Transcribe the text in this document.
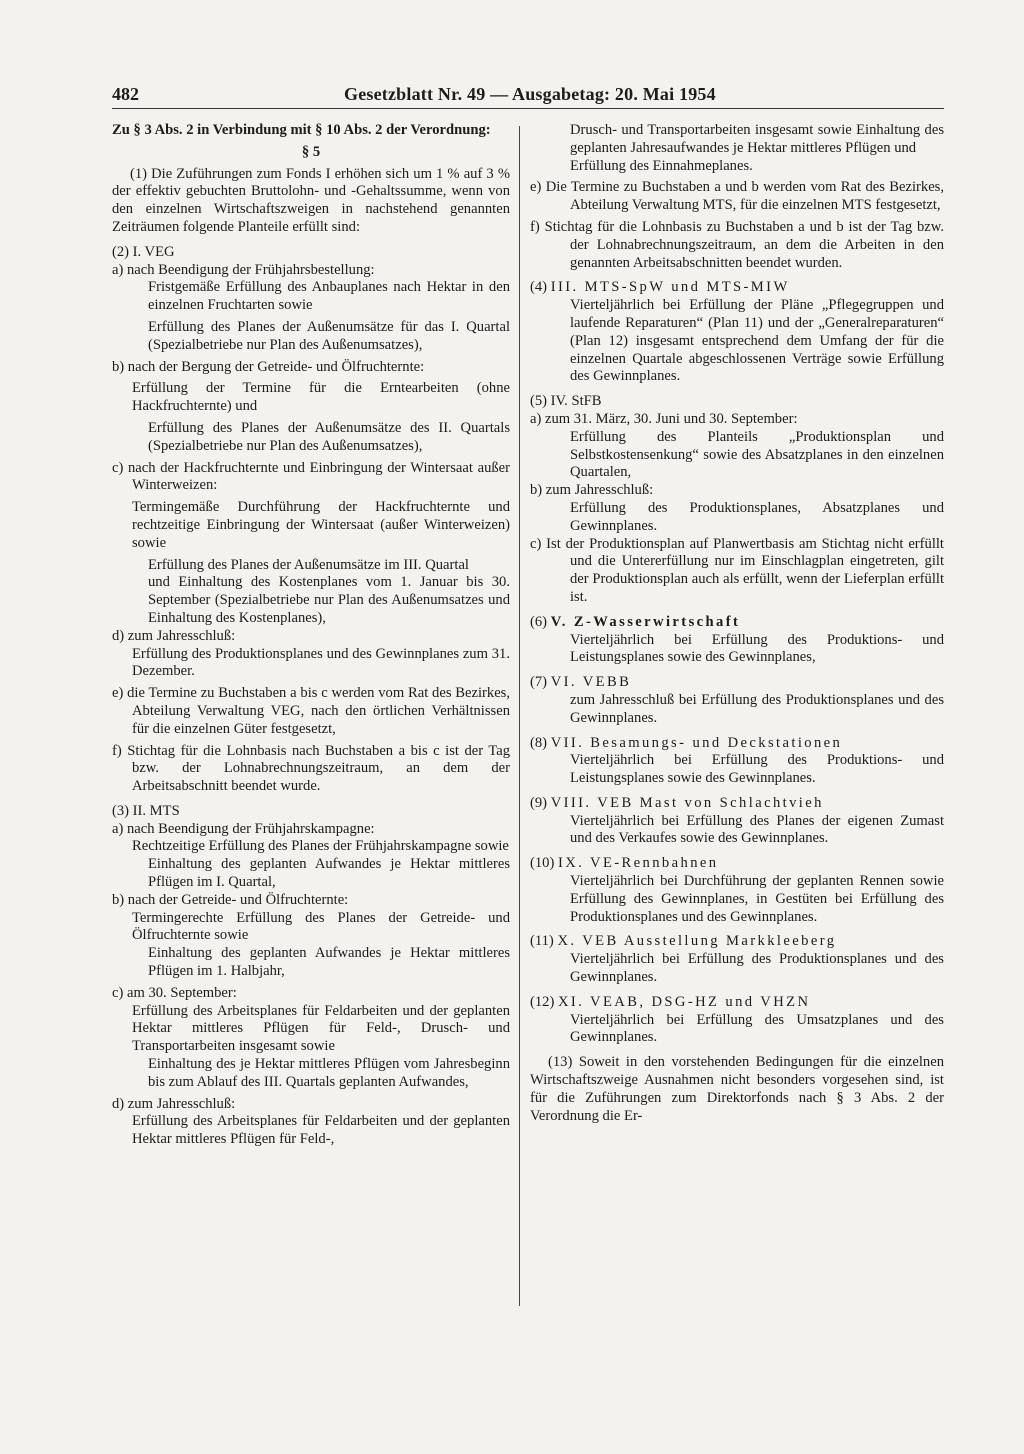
482	Gesetzblatt Nr. 49 — Ausgabetag: 20. Mai 1954

Zu § 3 Abs. 2 in Verbindung mit § 10 Abs. 2 der Verordnung:

§ 5

(1) Die Zuführungen zum Fonds I erhöhen sich um 1 % auf 3 % der effektiv gebuchten Bruttolohn- und -Gehaltssumme, wenn von den einzelnen Wirtschaftszweigen in nachstehend genannten Zeiträumen folgende Planteile erfüllt sind:

(2) I. VEG

a) nach Beendigung der Frühjahrsbestellung:

Fristgemäße Erfüllung des Anbauplanes nach Hektar in den einzelnen Fruchtarten sowie

Erfüllung des Planes der Außenumsätze für das I. Quartal (Spezialbetriebe nur Plan des Außenumsatzes),

b) nach der Bergung der Getreide- und Ölfruchternte:

Erfüllung der Termine für die Erntearbeiten (ohne Hackfruchternte) und

Erfüllung des Planes der Außenumsätze des II. Quartals (Spezialbetriebe nur Plan des Außenumsatzes),

c) nach der Hackfruchternte und Einbringung der Wintersaat außer Winterweizen:

Termingemäße Durchführung der Hackfruchternte und rechtzeitige Einbringung der Wintersaat (außer Winterweizen) sowie

Erfüllung des Planes der Außenumsätze im III. Quartal

und Einhaltung des Kostenplanes vom 1. Januar bis 30. September (Spezialbetriebe nur Plan des Außenumsatzes und Einhaltung des Kostenplanes),

d) zum Jahresschluß:

Erfüllung des Produktionsplanes und des Gewinnplanes zum 31. Dezember.

e) die Termine zu Buchstaben a bis c werden vom Rat des Bezirkes, Abteilung Verwaltung VEG, nach den örtlichen Verhältnissen für die einzelnen Güter festgesetzt,

f) Stichtag für die Lohnbasis nach Buchstaben a bis c ist der Tag bzw. der Lohnabrechnungszeitraum, an dem der Arbeitsabschnitt beendet wurde.

(3) II. MTS

a) nach Beendigung der Frühjahrskampagne:

Rechtzeitige Erfüllung des Planes der Frühjahrskampagne sowie

Einhaltung des geplanten Aufwandes je Hektar mittleres Pflügen im I. Quartal,

b) nach der Getreide- und Ölfruchternte:

Termingerechte Erfüllung des Planes der Getreide- und Ölfruchternte sowie

Einhaltung des geplanten Aufwandes je Hektar mittleres Pflügen im 1. Halbjahr,

c) am 30. September:

Erfüllung des Arbeitsplanes für Feldarbeiten und der geplanten Hektar mittleres Pflügen für Feld-, Drusch- und Transportarbeiten insgesamt sowie

Einhaltung des je Hektar mittleres Pflügen vom Jahresbeginn bis zum Ablauf des III. Quartals geplanten Aufwandes,

d) zum Jahresschluß:

Erfüllung des Arbeitsplanes für Feldarbeiten und der geplanten Hektar mittleres Pflügen für Feld-,

Drusch- und Transportarbeiten insgesamt sowie Einhaltung des geplanten Jahresaufwandes je Hektar mittleres Pflügen und

Erfüllung des Einnahmeplanes.

e) Die Termine zu Buchstaben a und b werden vom Rat des Bezirkes, Abteilung Verwaltung MTS, für die einzelnen MTS festgesetzt,

f) Stichtag für die Lohnbasis zu Buchstaben a und b ist der Tag bzw. der Lohnabrechnungszeitraum, an dem die Arbeiten in den genannten Arbeitsabschnitten beendet wurden.

(4) III. MTS-SpW und MTS-MIW

Vierteljährlich bei Erfüllung der Pläne „Pflegegruppen und laufende Reparaturen“ (Plan 11) und der „Generalreparaturen“ (Plan 12) insgesamt entsprechend dem Umfang der für die einzelnen Quartale abgeschlossenen Verträge sowie Erfüllung des Gewinnplanes.

(5) IV. StFB

a) zum 31. März, 30. Juni und 30. September:

Erfüllung des Planteils „Produktionsplan und Selbstkostensenkung“ sowie des Absatzplanes in den einzelnen Quartalen,

b) zum Jahresschluß:

Erfüllung des Produktionsplanes, Absatzplanes und Gewinnplanes.

c) Ist der Produktionsplan auf Planwertbasis am Stichtag nicht erfüllt und die Untererfüllung nur im Einschlagplan eingetreten, gilt der Produktionsplan auch als erfüllt, wenn der Lieferplan erfüllt ist.

(6) V. Z-Wasserwirtschaft

Vierteljährlich bei Erfüllung des Produktions- und Leistungsplanes sowie des Gewinnplanes,

(7) VI. VEBB

zum Jahresschluß bei Erfüllung des Produktionsplanes und des Gewinnplanes.

(8) VII. Besamungs- und Deckstationen

Vierteljährlich bei Erfüllung des Produktions- und Leistungsplanes sowie des Gewinnplanes.

(9) VIII. VEB Mast von Schlachtvieh

Vierteljährlich bei Erfüllung des Planes der eigenen Zumast und des Verkaufes sowie des Gewinnplanes.

(10) IX. VE-Rennbahnen

Vierteljährlich bei Durchführung der geplanten Rennen sowie Erfüllung des Gewinnplanes, in Gestüten bei Erfüllung des Produktionsplanes und des Gewinnplanes.

(11) X. VEB Ausstellung Markkleeberg

Vierteljährlich bei Erfüllung des Produktionsplanes und des Gewinnplanes.

(12) XI. VEAB, DSG-HZ und VHZN

Vierteljährlich bei Erfüllung des Umsatzplanes und des Gewinnplanes.

(13) Soweit in den vorstehenden Bedingungen für die einzelnen Wirtschaftszweige Ausnahmen nicht besonders vorgesehen sind, ist für die Zuführungen zum Direktorfonds nach § 3 Abs. 2 der Verordnung die Er-
